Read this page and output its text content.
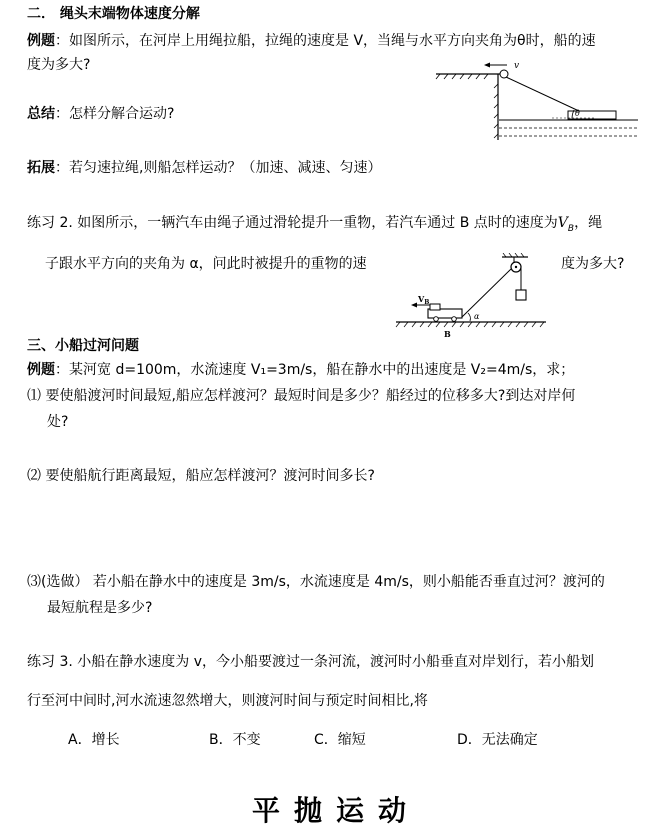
二． 绳头末端物体速度分解
例题：如图所示，在河岸上用绳拉船，拉绳的速度是 V，当绳与水平方向夹角为θ时，船的速
度为多大?	v
θ
总结：怎样分解合运动?
拓展：若匀速拉绳,则船怎样运动？（加速、减速、匀速）
练习 2. 如图所示，一辆汽车由绳子通过滑轮提升一重物，若汽车通过 B 点时的速度为$V_B$，绳
子跟水平方向的夹角为 α，问此时被提升的重物的速	度为多大?
$V_B$
α
B
三、小船过河问题
例题：某河宽 d=100m，水流速度 V₁=3m/s，船在静水中的出速度是 V₂=4m/s，求；
⑴ 要使船渡河时间最短,船应怎样渡河？最短时间是多少？船经过的位移多大?到达对岸何
处?
⑵ 要使船航行距离最短，船应怎样渡河？渡河时间多长?
⑶(选做） 若小船在静水中的速度是 3m/s，水流速度是 4m/s，则小船能否垂直过河？渡河的
最短航程是多少?
练习 3. 小船在静水速度为 v，今小船要渡过一条河流，渡河时小船垂直对岸划行，若小船划
行至河中间时,河水流速忽然增大，则渡河时间与预定时间相比,将
A．增长	B．不变	C．缩短	D．无法确定
平抛运动
